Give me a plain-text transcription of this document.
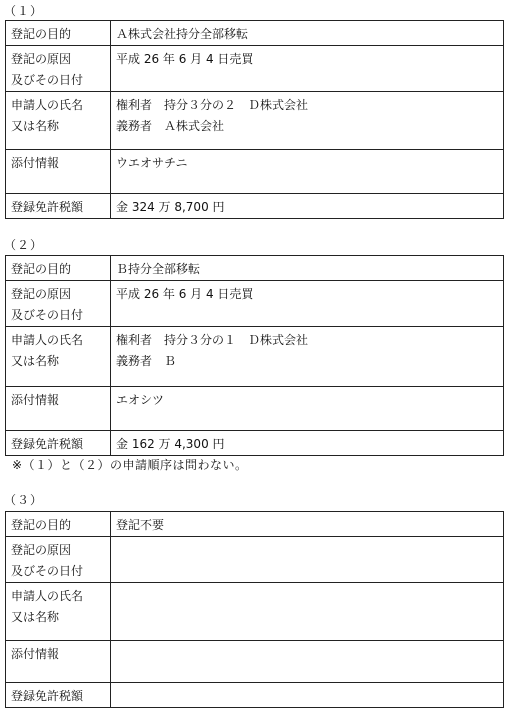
（１）
登記の目的	Ａ株式会社持分全部移転

登記の原因
及びその日付	平成 26 年 6 月 4 日売買

申請人の氏名
又は名称	権利者　持分３分の２　Ｄ株式会社
義務者　Ａ株式会社

添付情報	ウエオサチニ

登録免許税額	金 324 万 8,700 円
（２）
登記の目的	Ｂ持分全部移転

登記の原因
及びその日付	平成 26 年 6 月 4 日売買

申請人の氏名
又は名称	権利者　持分３分の１　Ｄ株式会社
義務者　Ｂ

添付情報	エオシツ

登録免許税額	金 162 万 4,300 円
※（１）と（２）の申請順序は問わない。
（３）
登記の目的	登記不要

登記の原因
及びその日付	

申請人の氏名
又は名称	

添付情報	

登録免許税額	
